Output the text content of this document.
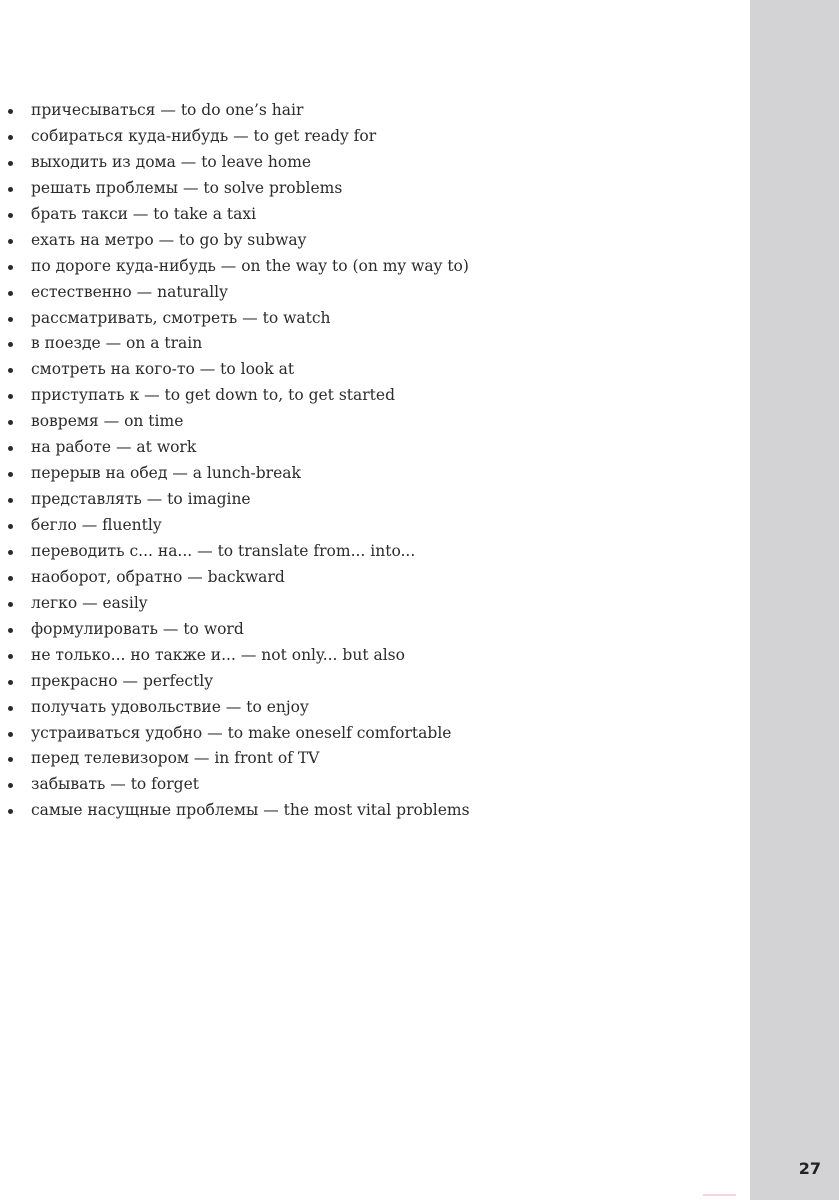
причесываться — to do one’s hair
собираться куда-нибудь — to get ready for
выходить из дома — to leave home
решать проблемы — to solve problems
брать такси — to take a taxi
ехать на метро — to go by subway
по дороге куда-нибудь — on the way to (on my way to)
естественно — naturally
рассматривать, смотреть — to watch
в поезде — on a train
смотреть на кого-то — to look at
приступать к — to get down to, to get started
вовремя — on time
на работе — at work
перерыв на обед — a lunch-break
представлять — to imagine
бегло — fluently
переводить с... на... — to translate from... into...
наоборот, обратно — backward
легко — easily
формулировать — to word
не только... но также и... — not only... but also
прекрасно — perfectly
получать удовольствие — to enjoy
устраиваться удобно — to make oneself comfortable
перед телевизором — in front of TV
забывать — to forget
самые насущные проблемы — the most vital problems
27
